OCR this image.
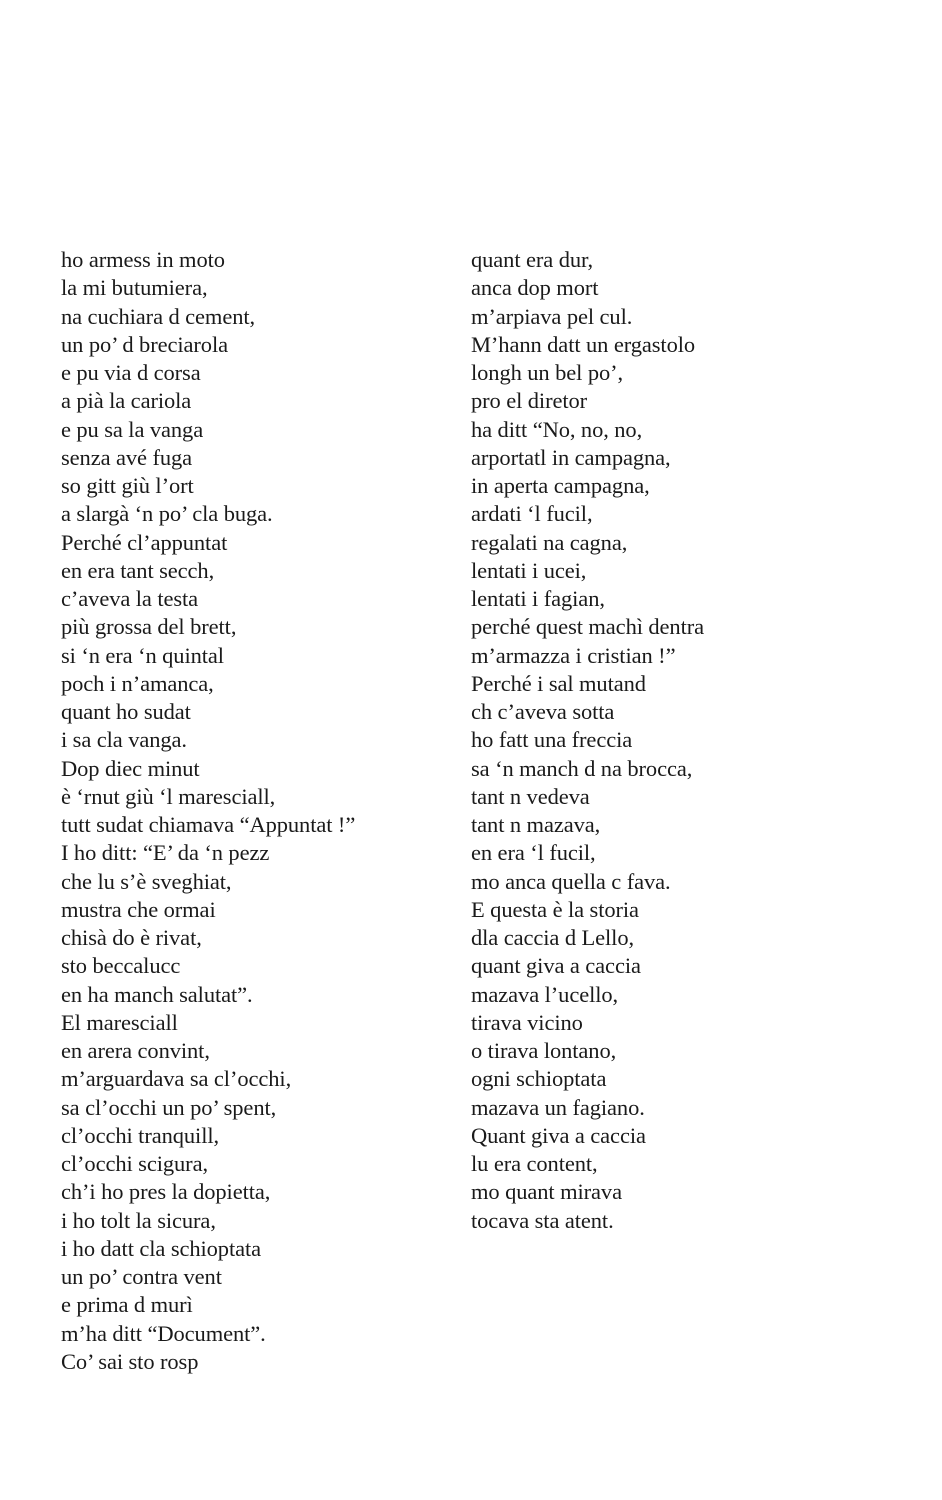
ho armess in moto
la mi butumiera,
na cuchiara d cement,
un po’ d breciarola
e pu via d corsa
a pià la cariola
e pu sa la vanga
senza avé fuga
so gitt giù l’ort
a slargà ‘n po’ cla buga.
Perché cl’appuntat
en era tant secch,
c’aveva la testa
più grossa del brett,
si ‘n era ‘n quintal
poch i n’amanca,
quant ho sudat
i sa cla vanga.
Dop diec minut
è ‘rnut giù ‘l maresciall,
tutt sudat chiamava “Appuntat !”
I ho ditt: “E’ da ‘n pezz
che lu s’è sveghiat,
mustra che ormai
chisà do è rivat,
sto beccalucc
en ha manch salutat”.
El maresciall
en arera convint,
m’arguardava sa cl’occhi,
sa cl’occhi un po’ spent,
cl’occhi tranquill,
cl’occhi scigura,
ch’i ho pres la dopietta,
i ho tolt la sicura,
i ho datt cla schioptata
un po’ contra vent
e prima d murì
m’ha ditt “Document”.
Co’ sai sto rosp
quant era dur,
anca dop mort
m’arpiava pel cul.
M’hann datt un ergastolo
longh un bel po’,
pro el diretor
ha ditt “No, no, no,
arportatl in campagna,
in aperta campagna,
ardati ‘l fucil,
regalati na cagna,
lentati i ucei,
lentati i fagian,
perché quest machì dentra
m’armazza i cristian !”
Perché i sal mutand
ch c’aveva sotta
ho fatt una freccia
sa ‘n manch d na brocca,
tant n vedeva
tant n mazava,
en era ‘l fucil,
mo anca quella c fava.
E questa è la storia
dla caccia d Lello,
quant giva a caccia
mazava l’ucello,
tirava vicino
o tirava lontano,
ogni schioptata
mazava un fagiano.
Quant giva a caccia
lu era content,
mo quant mirava
tocava sta atent.
